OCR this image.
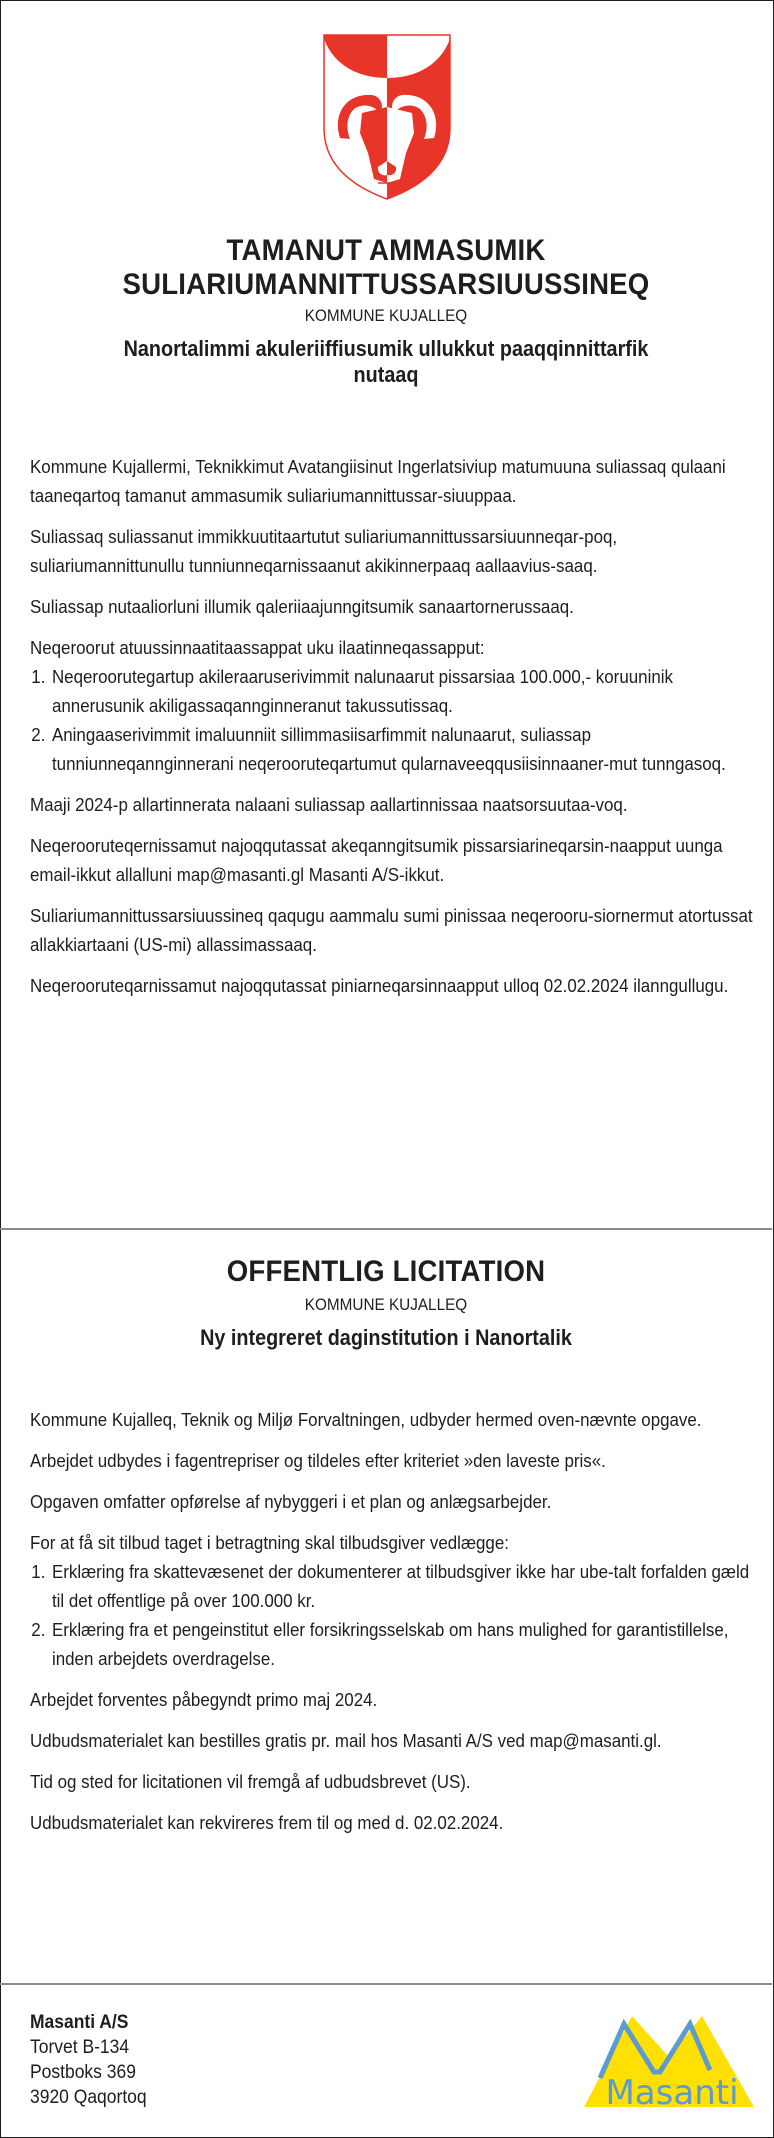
TAMANUT AMMASUMIK
SULIARIUMANNITTUSSARSIUUSSINEQ
KOMMUNE KUJALLEQ
Nanortalimmi akuleriiffiusumik ullukkut paaqqinnittarfik nutaaq

Kommune Kujallermi, Teknikkimut Avatangiisinut Ingerlatsiviup matumuuna suliassaq qulaani taaneqartoq tamanut ammasumik suliariumannittussar-siuuppaa.

Suliassaq suliassanut immikkuutitaartutut suliariumannittussarsiuunneqar-poq, suliariumannittunullu tunniunneqarnissaanut akikinnerpaaq aallaavius-saaq.

Suliassap nutaaliorluni illumik qaleriiaajunngitsumik sanaartornerussaaq.

Neqeroorut atuussinnaatitaassappat uku ilaatinneqassapput:

1. Neqeroorutegartup akileraaruserivimmit nalunaarut pissarsiaa 100.000,- koruuninik annerusunik akiligassaqannginneranut takussutissaq.
2. Aningaaserivimmit imaluunniit sillimmasiisarfimmit nalunaarut, suliassap tunniunneqannginnerani neqerooruteqartumut qularnaveeqqusiisinnaaner-mut tunngasoq.

Maaji 2024-p allartinnerata nalaani suliassap aallartinnissaa naatsorsuutaa-voq.

Neqerooruteqernissamut najoqqutassat akeqanngitsumik pissarsiarineqarsin-naapput uunga email-ikkut allalluni map@masanti.gl Masanti A/S-ikkut.

Suliariumannittussarsiuussineq qaqugu aammalu sumi pinissaa neqerooru-siornermut atortussat allakkiartaani (US-mi) allassimassaaq.

Neqerooruteqarnissamut najoqqutassat piniarneqarsinnaapput ulloq 02.02.2024 ilanngullugu.

OFFENTLIG LICITATION
KOMMUNE KUJALLEQ
Ny integreret daginstitution i Nanortalik

Kommune Kujalleq, Teknik og Miljø Forvaltningen, udbyder hermed oven-nævnte opgave.

Arbejdet udbydes i fagentrepriser og tildeles efter kriteriet »den laveste pris«.

Opgaven omfatter opførelse af nybyggeri i et plan og anlægsarbejder.

For at få sit tilbud taget i betragtning skal tilbudsgiver vedlægge:

1. Erklæring fra skattevæsenet der dokumenterer at tilbudsgiver ikke har ube-talt forfalden gæld til det offentlige på over 100.000 kr.
2. Erklæring fra et pengeinstitut eller forsikringsselskab om hans mulighed for garantistillelse, inden arbejdets overdragelse.

Arbejdet forventes påbegyndt primo maj 2024.

Udbudsmaterialet kan bestilles gratis pr. mail hos Masanti A/S ved map@masanti.gl.

Tid og sted for licitationen vil fremgå af udbudsbrevet (US).

Udbudsmaterialet kan rekvireres frem til og med d. 02.02.2024.

Masanti A/S
Torvet B-134
Postboks 369
3920 Qaqortoq	Masanti
